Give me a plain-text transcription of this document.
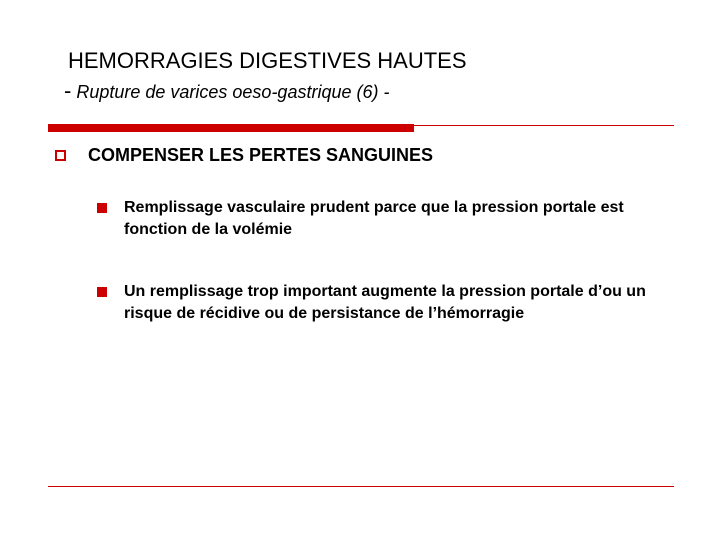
HEMORRAGIES DIGESTIVES HAUTES
- Rupture de varices oeso-gastrique (6) -
COMPENSER LES PERTES SANGUINES
Remplissage vasculaire prudent parce que la pression portale est fonction de la volémie
Un remplissage trop important augmente la pression portale d’ou un risque de récidive ou de persistance de l’hémorragie
